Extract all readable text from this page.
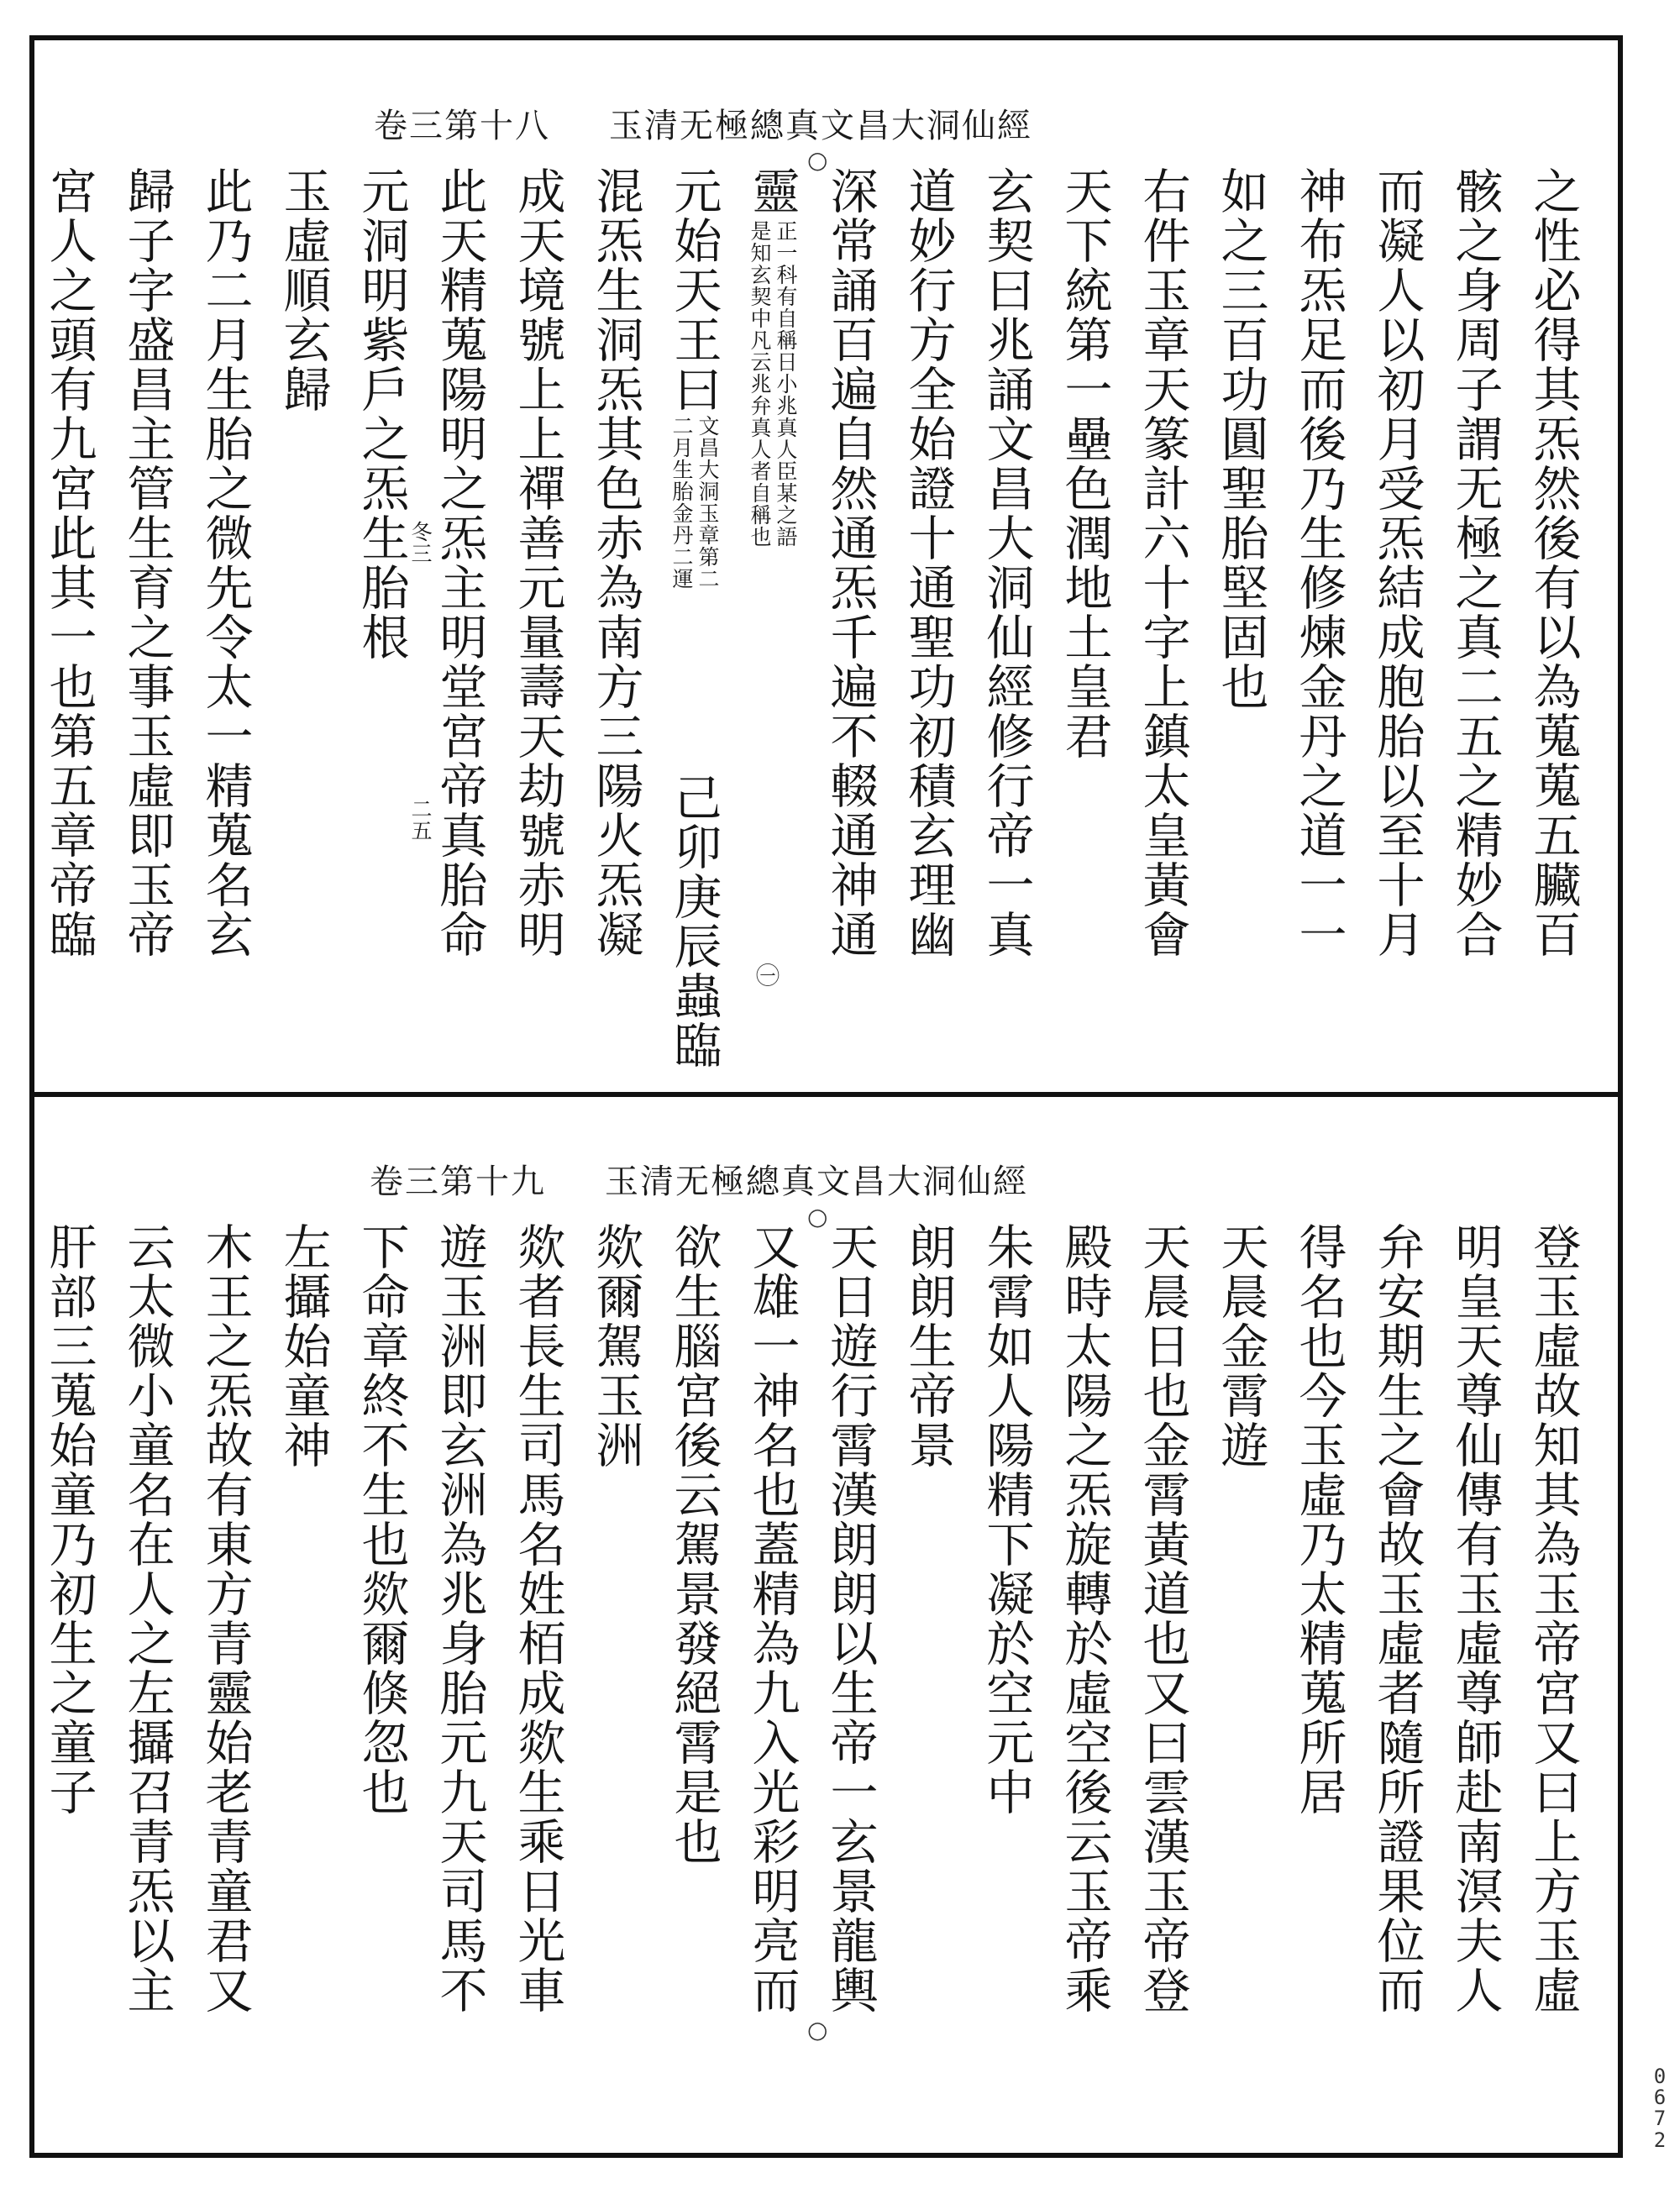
卷三第十八 玉清无極總真文昌大洞仙經
之性必得其炁然後有以為蒐蒐五臟百
骸之身周子謂无極之真二五之精妙合
而凝人以初月受炁結成胞胎以至十月
神布炁足而後乃生修煉金丹之道一一
如之三百功圓聖胎堅固也
右件玉章天篆計六十字上鎮太皇黃會
天下統第一壘色潤地土皇君
玄契曰兆誦文昌大洞仙經修行帝一真
道妙行方全始證十通聖功初積玄理幽
深常誦百遍自然通炁千遍不輟通神通
靈
正一科有自稱日小兆真人臣某之語
是知玄契中凡云兆弁真人者自稱也
㊀
元始天王曰
文昌大洞玉章第二
二月生胎金丹二運
己卯庚辰蟲臨
混炁生洞炁其色赤為南方三陽火炁凝
成天境號上上禪善元量壽天劫號赤明
此天精蒐陽明之炁主明堂宮帝真胎命
元洞明紫戶之炁生胎根
玉虛順玄歸
此乃二月生胎之微先令太一精蒐名玄
歸子字盛昌主管生育之事玉虛即玉帝
宮人之頭有九宮此其一也第五章帝臨
○
冬三
二五
卷三第十九 玉清无極總真文昌大洞仙經
登玉虛故知其為玉帝宮又曰上方玉虛
明皇天尊仙傳有玉虛尊師赴南溟夫人
弁安期生之會故玉虛者隨所證果位而
得名也今玉虛乃太精蒐所居
天晨金霄遊
天晨日也金霄黃道也又曰雲漢玉帝登
殿時太陽之炁旋轉於虛空後云玉帝乘
朱霄如人陽精下凝於空元中
朗朗生帝景
天日遊行霄漢朗朗以生帝一玄景龍輿
又雄一神名也蓋精為九入光彩明亮而
欲生腦宮後云駕景發絕霄是也
欻爾駕玉洲
欻者長生司馬名姓栢成欻生乘日光車
遊玉洲即玄洲為兆身胎元九天司馬不
下命章終不生也欻爾倏忽也
左攝始童神
木王之炁故有東方青靈始老青童君又
云太微小童名在人之左攝召青炁以主
肝部三蒐始童乃初生之童子
○
○
0672
